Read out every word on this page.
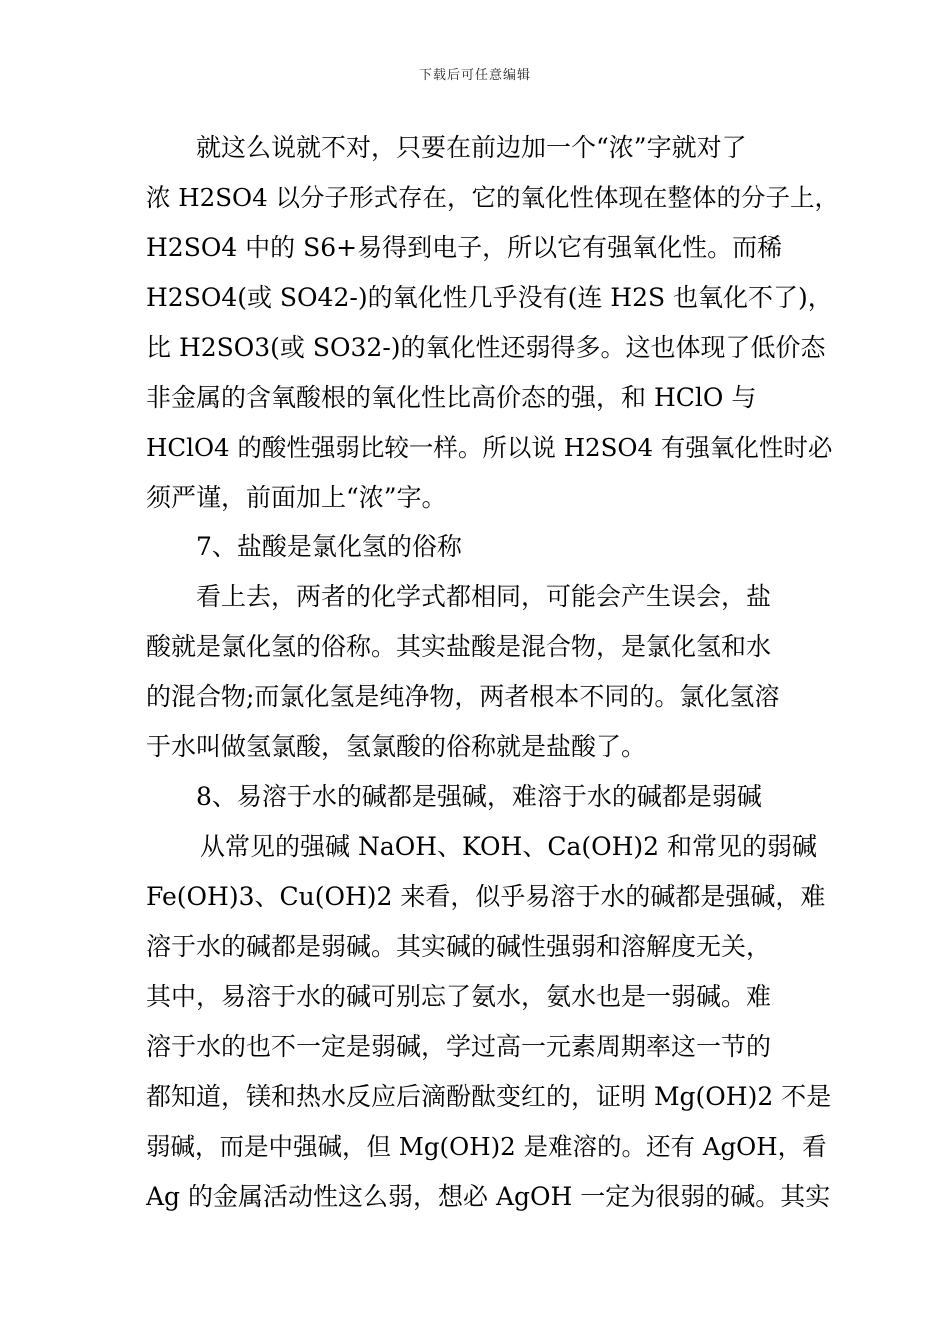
下载后可任意编辑
就这么说就不对，只要在前边加一个“浓”字就对了
浓 H2SO4 以分子形式存在，它的氧化性体现在整体的分子上，
H2SO4 中的 S6+易得到电子，所以它有强氧化性。而稀
H2SO4(或 SO42-)的氧化性几乎没有(连 H2S 也氧化不了)，
比 H2SO3(或 SO32-)的氧化性还弱得多。这也体现了低价态
非金属的含氧酸根的氧化性比高价态的强，和 HClO 与
HClO4 的酸性强弱比较一样。所以说 H2SO4 有强氧化性时必
须严谨，前面加上“浓”字。
7、盐酸是氯化氢的俗称
看上去，两者的化学式都相同，可能会产生误会，盐
酸就是氯化氢的俗称。其实盐酸是混合物，是氯化氢和水
的混合物;而氯化氢是纯净物，两者根本不同的。氯化氢溶
于水叫做氢氯酸，氢氯酸的俗称就是盐酸了。
8、易溶于水的碱都是强碱，难溶于水的碱都是弱碱
从常见的强碱 NaOH、KOH、Ca(OH)2 和常见的弱碱
Fe(OH)3、Cu(OH)2 来看，似乎易溶于水的碱都是强碱，难
溶于水的碱都是弱碱。其实碱的碱性强弱和溶解度无关，
其中，易溶于水的碱可别忘了氨水，氨水也是一弱碱。难
溶于水的也不一定是弱碱，学过高一元素周期率这一节的
都知道，镁和热水反应后滴酚酞变红的，证明 Mg(OH)2 不是
弱碱，而是中强碱，但 Mg(OH)2 是难溶的。还有 AgOH，看
Ag 的金属活动性这么弱，想必 AgOH 一定为很弱的碱。其实
